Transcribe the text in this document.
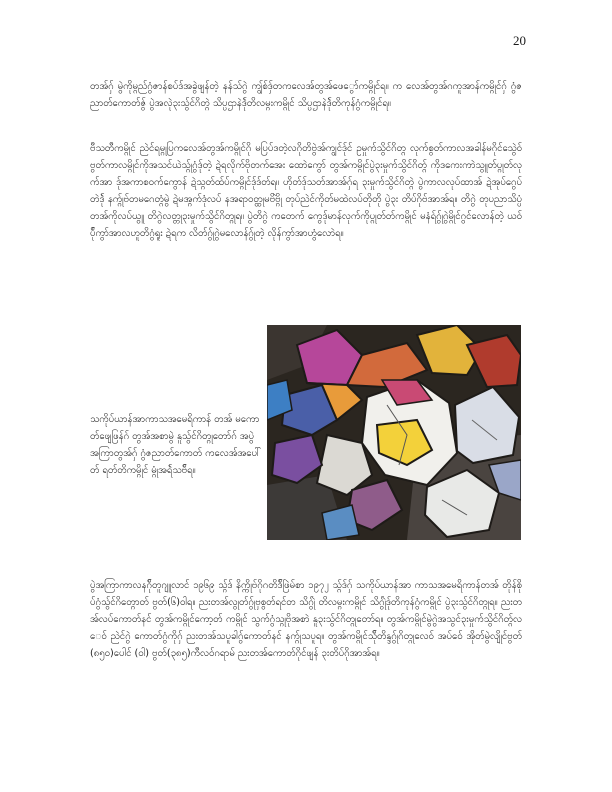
20

တအ်ဂှ် မွဲကိုမ္ဂည်ဂွံဇာန်စပ်ဒ်အခွဲဖျန်တဲ့ နန်သ်ဂွဲ ကျွ်စ်ဒှ်တကလေအ်တွအ်ဖေွော်ကမ္ဂိုင်ရ။ က လေအ်တွအ်ဂကူအာန်ကမ္ဂိုင်ဂှ် ဂွံဇညာတ်ကောတ်ဇွ် ပွဲအလုဲ၃းသ်ွင်ဂိတ္ဂဲ သိပ္ပဌာနဲဒ်ုဲတိလမ္ဂးကမ္ဂိုင် သိပ္ပဌာနဲဒ်ုဲတိကုန်ဂွံကမ္ဂိုင်ရ။

ဗီသတီကမ္ဂိုင် ညဲင်ရမ္ဂုပြကလေအ်တွအ်ကမ္ဂိုင်ဂို မပြပ်ဒတဲ့လဂိုတိဗွဲအ်ကျွင်ဒ်ုင် ဥမှုက်သွိင်ဂိတ္ဂ လုက်စွတ်ကာလအခါန်မဂိုင်သွေဲဝ် ဗွတ်ကာလမ္ဂိုင်ကိုအသင်ယဲသ္ဂ်ုဂွံဒ်ုတဲ့ ဍဲရလိုက်ဗိုတက်အေး ထောဲကွော် တွအ်ကမ္ဂိုင်ပွဲ၃းမှုက်သွိင်ဂိတ္ဂ် ကိုဒကေးကာဲသွူတ်ပ္ဂုတ်လုက်အာ ဒ်ုအကာစဝက်ကွောန် ဍဲသ္ဂတ်ထ်ပ်ကမ္ဂိုင်ဒ်ုဒ်တ်ရ။ ဟိုတ်ဒ်ုသတ်အာအ်ဂှ်ရ ၃းမှုက်သွိင်ဂိတ္ဂဲ ပွဲကာလလုပ်ထာအ် ဍဲအုပ်ဂွေပ် တဲဒ်ုဲ နက္ဂ်ုဗ်တမဂေတ္ဂံမွဲ ဍဲမအ္ဂက်ဒုံလပ် နအရာဝတ္ထုမဗိဗ္ဂိုဲ တုပ်ညဲင်ကိုတ်မထဲလပ်တိုတို ပွဲ၃း တိပ်ဂိုဗ်အာအ်ရ။ တိဂွဲ တုပညာသိပ္ပံတအ်ကိုလပ်ယွူ တိဂွဲလတ္တု၃းမှုက်သွိင်ဂိတ္ဂုရ။ ပွဲတိဂွဲ ကဝောက် ကွေဒ်ုမာန်လုက်ကိုပ္ဂုတ်တ်ကမ္ဂိုင် မနံရ်ဂွ်ုဂွဲမ္ဂိုင်ဂွင်လောန်တဲ့ ယဝ်ပ်ိုကွာ်အာလဟူတိဂွံရူး ဍဲရက လိတ်ဂွ်ုဂွဲမလောန်ဂွ်ုတဲ့ လိုန်ကွာ်အာဟွံလောဲရ။

သကိုပ်ယာန်အာကာသအမေရိကာန် တအ် မကောတ်ဖျေဖြန်ဂ် တွအ်အစာမွဲ နူသ်ွင်ဂိတ္ဂုတော်ဂ် အပွဲအကြာတွအ်ဂှ် ဂွံဇညာတ်ကောတ် ကလေအ်အပေါ်တ် ရတ်တိကမ္ဂိုင် မ္ဂုံအရ်ဲသဗ်ိရ။

ပွဲအကြာကာလနဂ်ိုတူဂျူလာင် ၁၉၆၉ သ္ဂ်ဒ် နိက္ကိုဗ်ဂိုဂတိဒ်ိဖြဲမ်စာ ၁၉၇၂ သ္ဂ်ဒ်ဂှ် သကိုပ်ယာန်အာ ကာသအမေရိကာန်တအ် တိုန်စိုပ်ဂွံသ်ွင်ဂိတ္ဂောတ် ဗွတ်(၆)ဝါရ။ ညးတအ်လွုတ်ဂွ်ုဗှစွတ်ရင်တ သိဂွ်ုဲ တိလမ္ဂးကမ္ဂိုင် သိဂွ်ုဲဒ်ုတိကုန်ဂွံကမ္ဂိုင် ပွဲ၃းသ်ွင်ဂိတ္ဂုရ။ ညးတအ်လပ်ကောတ်နင် တွအ်ကမ္ဂိုင်ကော့တ် ကမ္ဂိုင် သွက်ဂွံသ္ဂုဗိုအစာဲ နူ၃းသ်ွင်ဂိတ္ဂုတော်ရ။ တွအ်ကမ္ဂိုင်မွဲဂွဲအသွင်၃းမှုက်သွိင်ဂိတ္ဂ်လေဝ် ညဲင်ဂွဲ ကောတ်ဂွံကိုဂှ် ညးတအ်သပူခါဂွ်ကောတ်နင် နက္ဂ်ုသပူရ။ တွအ်ကမ္ဂိုင်သ်ိုတိန္ဒဂွ်ုဂိတ္ဂုလေဝ် အပ်ဝ်ေ အိုတ်မွဲလျိုင်ဗွတ်(၈၅၀)ပေါင် (ဝါ) ဗွတ်(၃၈၅)ကီလဝ်ဂရာမ် ညးတအ်ကောတ်ဂိုင်ဖျန် ၃းတိပ်ဂိုအာအ်ရ။
